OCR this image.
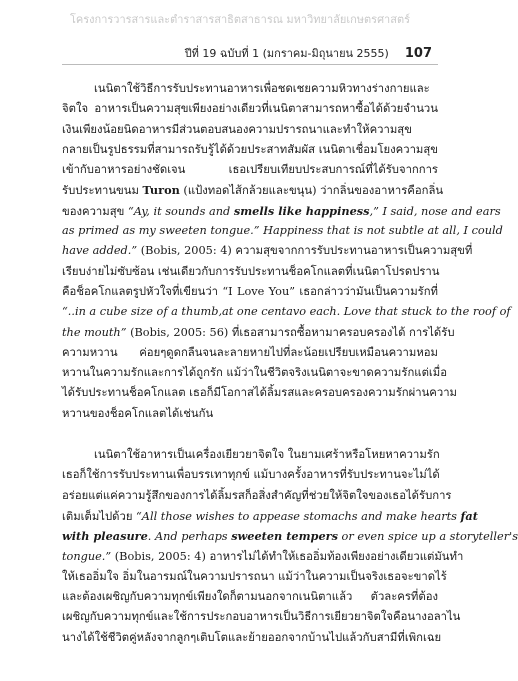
โครงการวารสารและตำราสารสาธิตสาธารณ มหาวิทยาลัยเกษตรศาสตร์
ปีที่ 19 ฉบับที่ 1 (มกราคม-มิถุนายน 2555) 107
เนนิตาใช้วิธีการรับประทานอาหารเพื่อชดเชยความหิวทางร่างกายและ
จิตใจ อาหารเป็นความสุขเพียงอย่างเดียวที่เนนิตาสามารถหาซื้อได้ด้วยจำนวน
เงินเพียงน้อยนิดอาหารมีส่วนตอบสนองความปรารถนาและทำให้ความสุข
กลายเป็นรูปธรรมที่สามารถรับรู้ได้ด้วยประสาทสัมผัส เนนิตาเชื่อมโยงความสุข
เข้ากับอาหารอย่างชัดเจน เธอเปรียบเทียบประสบการณ์ที่ได้รับจากการ
รับประทานขนม Turon (แป้งทอดไส้กล้วยและขนุน) ว่ากลิ่นของอาหารคือกลิ่น
ของความสุข “Ay, it sounds and smells like happiness,” I said, nose and ears
as primed as my sweeten tongue.” Happiness that is not subtle at all, I could
have added.” (Bobis, 2005: 4) ความสุขจากการรับประทานอาหารเป็นความสุขที่
เรียบง่ายไม่ซับซ้อน เช่นเดียวกับการรับประทานช็อคโกแลตที่เนนิตาโปรดปราน
คือช็อคโกแลตรูปหัวใจที่เขียนว่า “I Love You” เธอกล่าวว่ามันเป็นความรักที่
“..in a cube size of a thumb,at one centavo each. Love that stuck to the roof of
the mouth” (Bobis, 2005: 56) ที่เธอสามารถซื้อหามาครอบครองได้ การได้รับ
ความหวาน ค่อยๆดูดกลืนจนละลายหายไปที่ละน้อยเปรียบเหมือนความหอม
หวานในความรักและการได้ถูกรัก แม้ว่าในชีวิตจริงเนนิตาจะขาดความรักแต่เมื่อ
ได้รับประทานช็อคโกแลต เธอก็มีโอกาสได้ลิ้มรสและครอบครองความรักผ่านความ
หวานของช็อคโกแลตได้เช่นกัน
เนนิตาใช้อาหารเป็นเครื่องเยียวยาจิตใจ ในยามเศร้าหรือโหยหาความรัก
เธอก็ใช้การรับประทานเพื่อบรรเทาทุกข์ แม้บางครั้งอาหารที่รับประทานจะไม่ได้
อร่อยแต่แค่ความรู้สึกของการได้ลิ้มรสก็อสิ่งสำคัญที่ช่วยให้จิตใจของเธอได้รับการ
เติมเต็มไปด้วย “All those wishes to appease stomachs and make hearts fat
with pleasure. And perhaps sweeten tempers or even spice up a storyteller's
tongue.” (Bobis, 2005: 4) อาหารไม่ได้ทำให้เธออิ่มท้องเพียงอย่างเดียวแต่มันทำ
ให้เธออิ่มใจ อิ่มในอารมณ์ในความปรารถนา แม้ว่าในความเป็นจริงเธอจะขาดไร้
และต้องเผชิญกับความทุกข์เพียงใดก็ตามนอกจากเนนิตาแล้ว ตัวละครที่ต้อง
เผชิญกับความทุกข์และใช้การประกอบอาหารเป็นวิธีการเยียวยาจิตใจคือนางอลาไน
นางได้ใช้ชีวิตคู่หลังจากลูกๆเติบโตและย้ายออกจากบ้านไปแล้วกับสามีที่เพิกเฉย
